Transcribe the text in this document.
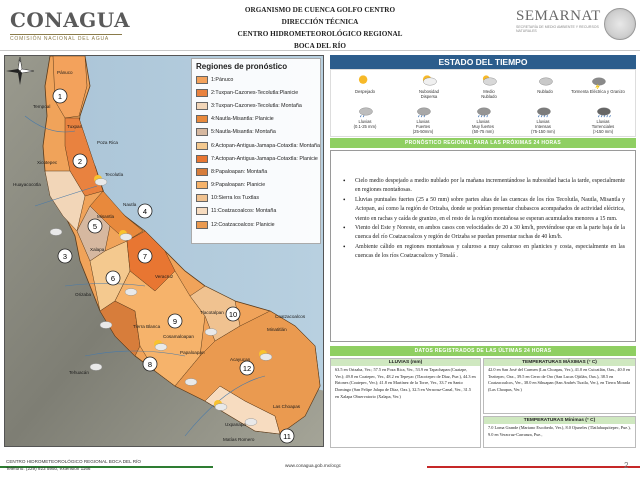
CONAGUA
COMISIÓN NACIONAL DEL AGUA
ORGANISMO DE CUENCA GOLFO CENTRO
DIRECCIÓN TÉCNICA
CENTRO HIDROMETEOROLÓGICO REGIONAL
BOCA DEL RÍO
SEMARNAT
SECRETARÍA DE MEDIO AMBIENTE Y RECURSOS NATURALES
1
2
3
4
5
6
7
8
9
10
11
12
Pánuco
Tuxpan
Poza Rica
Tempoal
Huayacocotla
Xicotepec
Tecolutla
Nautla
Misantla
Xalapa
Veracruz
Orizaba
Tierra Blanca
Cosamaloapan
Papaloapan
Acayucan
Coatzacoalcos
Minatitlán
Tlacotalpan
Las Choapas
Uxpanapa
Matías Romero
Tehuacán
Regiones de pronóstico
1:Pánuco
2:Tuxpan-Cazones-Tecolutla:Planicie
3:Tuxpan-Cazones-Tecolutla: Montaña
4:Nautla-Misantla: Planicie
5:Nautla-Misantla: Montaña
6:Actopan-Antigua-Jamapa-Cotaxtla: Montaña
7:Actopan-Antigua-Jamapa-Cotaxtla: Planicie
8:Papaloapan: Montaña
9:Papaloapan: Planicie
10:Sierra los Tuxtlas
11:Coatzacoalcos: Montaña
12:Coatzacoalcos: Planicie
N	ESTADO DEL TIEMPO
Despejado	Nubosidad
Dispersa
Medio
Nublado
Nublado	Tormenta Eléctrica y Granizo
Lluvias
(0.1-25 mm)
Lluvias
Fuertes
(25-50mm)
Lluvias
Muy fuertes
(50-75 mm)
Lluvias
Intensas
(75-150 mm)
Lluvias
Torrenciales
(>150 mm)
PRONÓSTICO REGIONAL PARA LAS PRÓXIMAS 24 HORAS
• Cielo medio despejado a medio nublado por la mañana incrementándose la nubosidad hacia la tarde, especialmente en regiones montañosas.
• Lluvias puntuales fuertes (25 a 50 mm) sobre partes altas de las cuencas de los ríos Tecolutla, Nautla, Misantla y Actopan, así como la región de Orizaba, donde se podrían presentar chubascos acompañados de actividad eléctrica, viento en rachas y caída de granizo, en el resto de la región montañosa se esperan acumulados menores a 15 mm.
• Viento del Este y Noreste, en ambos casos con velocidades de 20 a 30 km/h, previéndose que en la parte baja de la cuenca del río Coatzacoalcos y región de Orizaba se puedan presentar rachas de 40 km/h.
• Ambiente cálido en regiones montañosas y caluroso a muy caluroso en planicies y costa, especialmente en las cuencas de los ríos Coatzacoalcos y Tonalá .
DATOS REGISTRADOS DE LAS ÚLTIMAS 24 HORAS
LLUVIAS (mm)
63.5 en Orizaba, Ver.; 57.5 en Poza Rica, Ver., 53.9 en Tapachapan (Cuatzpe, Ver.); 49.8 en Coatepec, Ver., 48.2 en Tepeyac (Tlacotepec de Díaz, Pue.), 44.3 en Briones (Coatepec, Ver.); 41.8 en Martínez de la Torre, Ver., 33.7 en Santo Domingo (San Felipe Jalapa de Díaz, Oax.), 32.5 en Veracruz-Canal, Ver., 31.5 en Xalapa Observatorio (Xalapa, Ver.)
TEMPERATURAS MÁXIMAS (° C)
42.0 en San José del Carmen (Las Choapas, Ver.), 41.0 en Cuicatlán, Oax., 40.0 en Tezitepec, Oax., 39.5 en Cerro de Oro (San Lucas Ojitlán, Oax.), 38.5 en Coatzacoalcos, Ver., 38.0 en Sihuapan (San Andrés Tuxtla, Ver.), en Tierra Morada (Las Choapas, Ver.)
TEMPERATURAS Mínimas (° C)
7.0 Loma Grande (Mariano Escobedo, Ver.), 8.0 Ojuneles (Tlatlahuquitepec, Pue.), 9.0 en Veracruz-Carranza, Pue.,
CENTRO HIDROMETEOROLÓGICO REGIONAL BOCA DEL RÍO
Teléfono: (229) 923 5950, extensión 1166
www.conagua.gob.mx/ocgc	2
